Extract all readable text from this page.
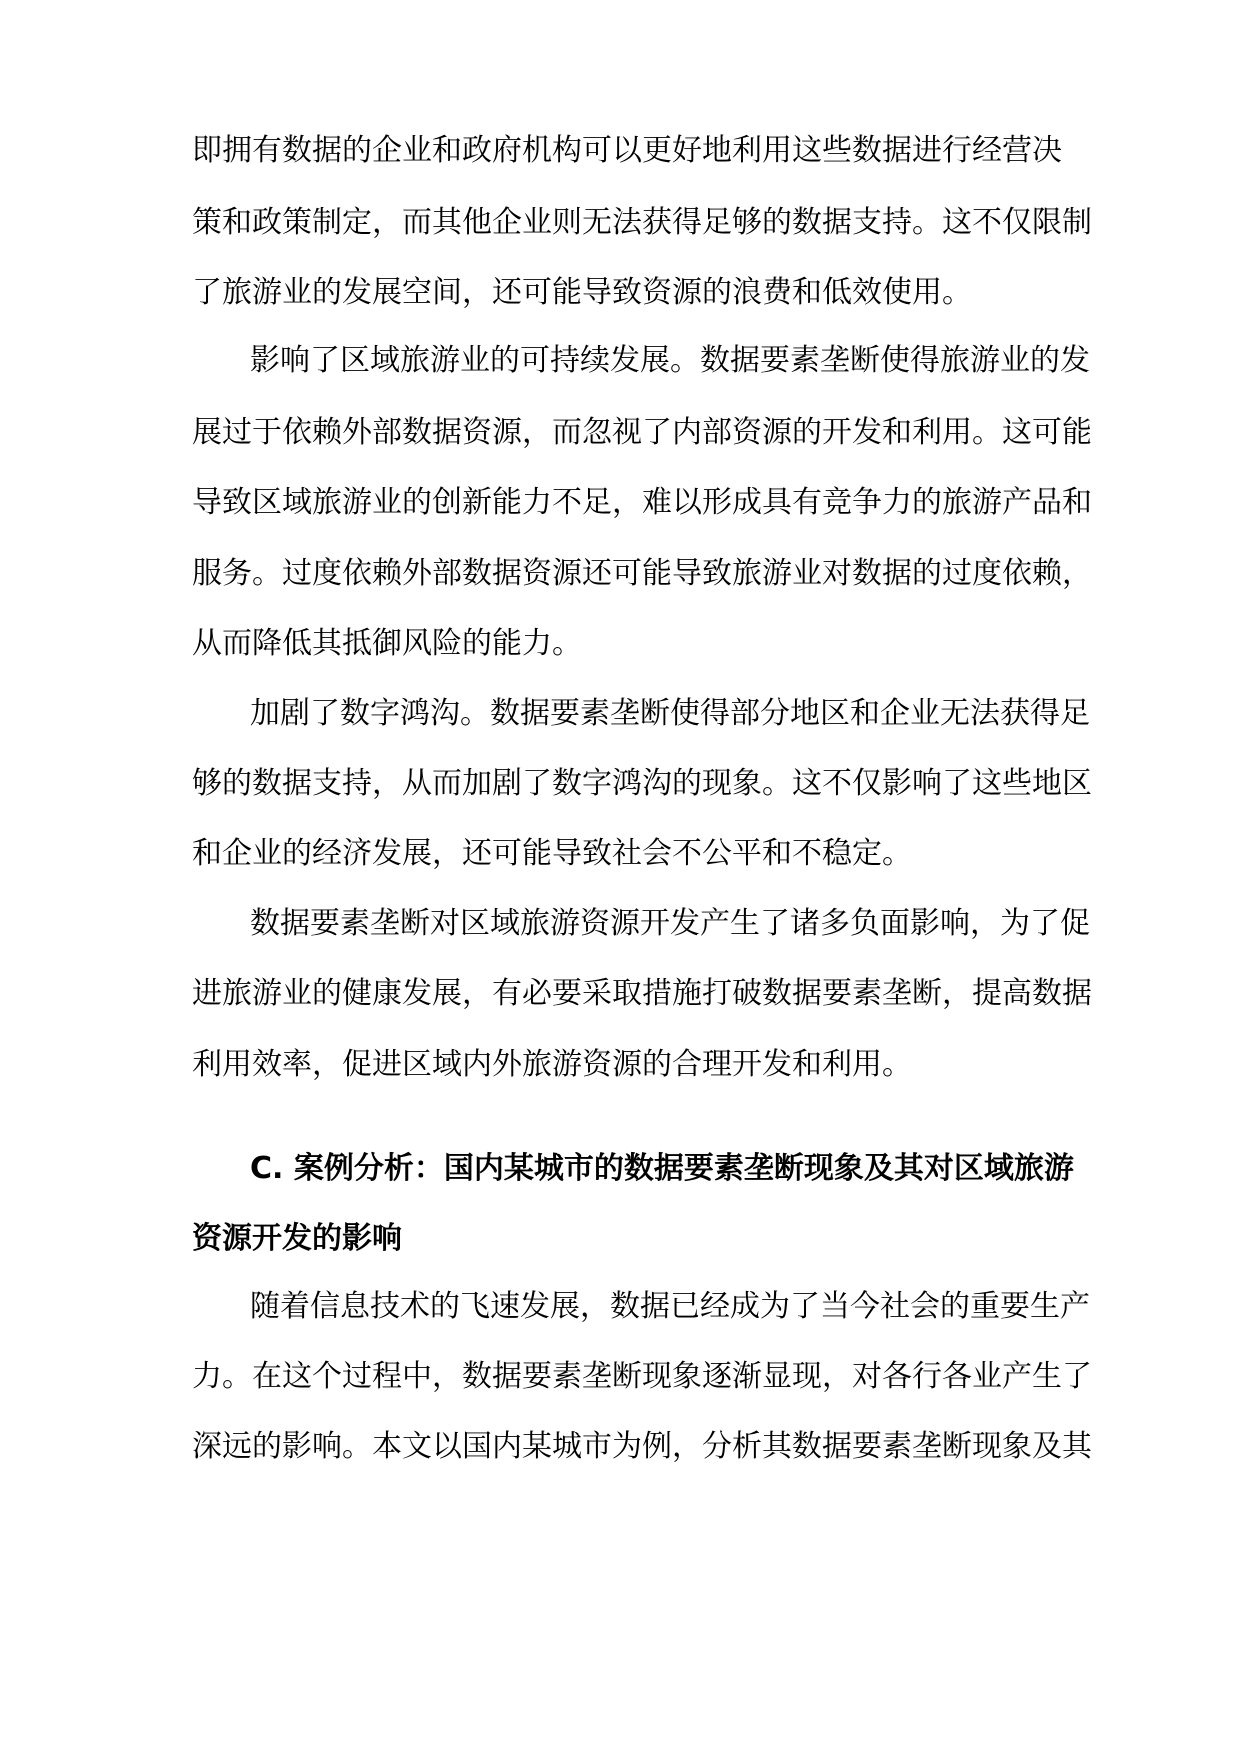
即拥有数据的企业和政府机构可以更好地利用这些数据进行经营决

策和政策制定，而其他企业则无法获得足够的数据支持。这不仅限制

了旅游业的发展空间，还可能导致资源的浪费和低效使用。

影响了区域旅游业的可持续发展。数据要素垄断使得旅游业的发

展过于依赖外部数据资源，而忽视了内部资源的开发和利用。这可能

导致区域旅游业的创新能力不足，难以形成具有竞争力的旅游产品和

服务。过度依赖外部数据资源还可能导致旅游业对数据的过度依赖，

从而降低其抵御风险的能力。

加剧了数字鸿沟。数据要素垄断使得部分地区和企业无法获得足

够的数据支持，从而加剧了数字鸿沟的现象。这不仅影响了这些地区

和企业的经济发展，还可能导致社会不公平和不稳定。

数据要素垄断对区域旅游资源开发产生了诸多负面影响，为了促

进旅游业的健康发展，有必要采取措施打破数据要素垄断，提高数据

利用效率，促进区域内外旅游资源的合理开发和利用。

C. 案例分析：国内某城市的数据要素垄断现象及其对区域旅游

资源开发的影响

随着信息技术的飞速发展，数据已经成为了当今社会的重要生产

力。在这个过程中，数据要素垄断现象逐渐显现，对各行各业产生了

深远的影响。本文以国内某城市为例，分析其数据要素垄断现象及其
